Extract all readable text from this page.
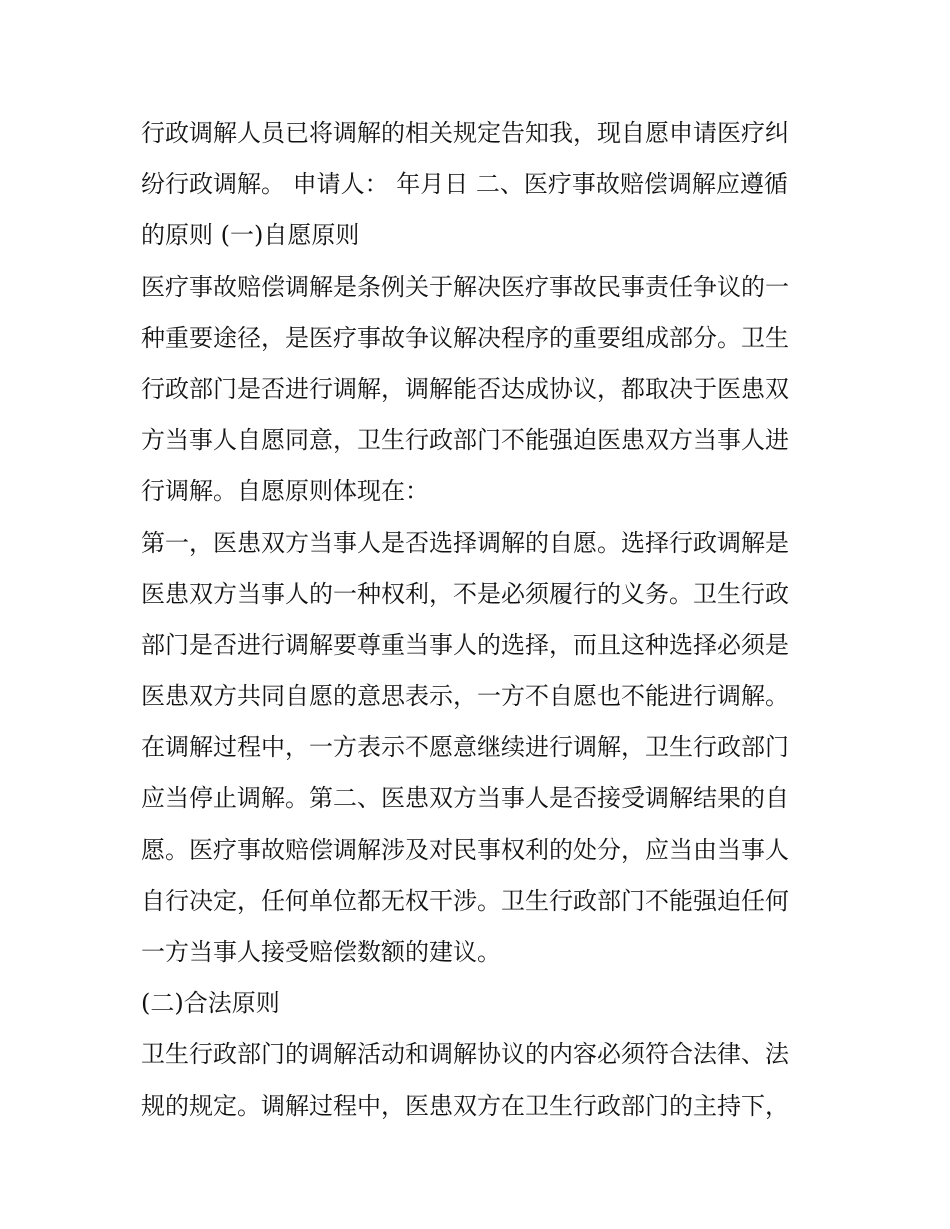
行政调解人员已将调解的相关规定告知我，现自愿申请医疗纠
纷行政调解。 申请人： 年月日 二、医疗事故赔偿调解应遵循
的原则 (一)自愿原则
医疗事故赔偿调解是条例关于解决医疗事故民事责任争议的一
种重要途径，是医疗事故争议解决程序的重要组成部分。卫生
行政部门是否进行调解，调解能否达成协议，都取决于医患双
方当事人自愿同意，卫生行政部门不能强迫医患双方当事人进
行调解。自愿原则体现在：
第一，医患双方当事人是否选择调解的自愿。选择行政调解是
医患双方当事人的一种权利，不是必须履行的义务。卫生行政
部门是否进行调解要尊重当事人的选择，而且这种选择必须是
医患双方共同自愿的意思表示，一方不自愿也不能进行调解。
在调解过程中，一方表示不愿意继续进行调解，卫生行政部门
应当停止调解。第二、医患双方当事人是否接受调解结果的自
愿。医疗事故赔偿调解涉及对民事权利的处分，应当由当事人
自行决定，任何单位都无权干涉。卫生行政部门不能强迫任何
一方当事人接受赔偿数额的建议。
(二)合法原则
卫生行政部门的调解活动和调解协议的内容必须符合法律、法
规的规定。调解过程中，医患双方在卫生行政部门的主持下，
